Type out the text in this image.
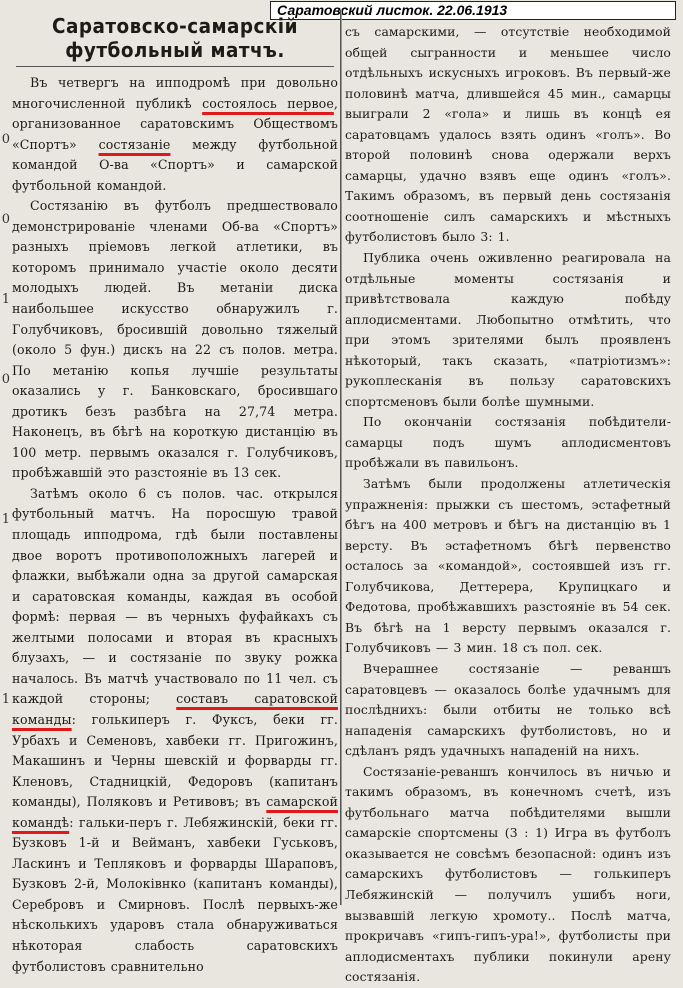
Саратовский листок. 22.06.1913
0
0
1
0
1
1
Саратовско-самарскій футбольный матчъ.

Въ четвергъ на ипподромѣ при довольно многочисленной публикѣ состоялось первое, организованное саратовскимъ Обществомъ «Спортъ» состязаніе между футбольной командой О-ва «Спортъ» и самарской футбольной командой.

Состязанію въ футболъ предшествовало демонстрированіе членами Об-ва «Спортъ» разныхъ пріемовъ легкой атлетики, въ которомъ принимало участіе около десяти молодыхъ людей. Въ метаніи диска наибольшее искусство обнаружилъ г. Голубчиковъ, бросившій довольно тяжелый (около 5 фун.) дискъ на 22 съ полов. метра. По метанію копья лучшіе результаты оказались у г. Банковскаго, бросившаго дротикъ безъ разбѣга на 27,74 метра. Наконецъ, въ бѣгѣ на короткую дистанцію въ 100 метр. первымъ оказался г. Голубчиковъ, пробѣжавшій это разстояніе въ 13 сек.

Затѣмъ около 6 съ полов. час. открылся футбольный матчъ. На поросшую травой площадь ипподрома, гдѣ были поставлены двое воротъ противоположныхъ лагерей и флажки, выбѣжали одна за другой самарская и саратовская команды, каждая въ особой формѣ: первая — въ черныхъ фуфайкахъ съ желтыми полосами и вторая въ красныхъ блузахъ, — и состязаніе по звуку рожка началось. Въ матчѣ участвовало по 11 чел. съ каждой стороны; составъ саратовской команды: голькиперъ г. Фуксъ, беки гг. Урбахъ и Семеновъ, хавбеки гг. Пригожинъ, Макашинъ и Черны шевскій и форварды гг. Кленовъ, Стадницкій, Федоровъ (капитанъ команды), Поляковъ и Ретивовъ; въ самарской командѣ: гальки-перъ г. Лебяжинскій, беки гг. Бузковъ 1-й и Вейманъ, хавбеки Гуськовъ, Ласкинъ и Тепляковъ и форварды Шараповъ, Бузковъ 2-й, Молоківнко (капитанъ команды), Серебровъ и Смирновъ. Послѣ первыхъ-же нѣсколькихъ ударовъ стала обнаруживаться нѣкоторая слабость саратовскихъ футболистовъ сравнительно

съ самарскими, — отсутствіе необходимой общей сыгранности и меньшее число отдѣльныхъ искусныхъ игроковъ. Въ первый-же половинѣ матча, длившейся 45 мин., самарцы выиграли 2 «гола» и лишь въ концѣ ея саратовцамъ удалось взять одинъ «голъ». Во второй половинѣ снова одержали верхъ самарцы, удачно взявъ еще одинъ «голъ». Такимъ образомъ, въ первый день состязанія соотношеніе силъ самарскихъ и мѣстныхъ футболистовъ было 3: 1.

Публика очень оживленно реагировала на отдѣльные моменты состязанія и привѣтствовала каждую побѣду аплодисментами. Любопытно отмѣтить, что при этомъ зрителями былъ проявленъ нѣкоторый, такъ сказать, «патріотизмъ»: рукоплесканія въ пользу саратовскихъ спортсменовъ были болѣе шумными.

По окончаніи состязанія побѣдители-самарцы подъ шумъ аплодисментовъ пробѣжали въ павильонъ.

Затѣмъ были продолжены атлетическія упражненія: прыжки съ шестомъ, эстафетный бѣгъ на 400 метровъ и бѣгъ на дистанцію въ 1 версту. Въ эстафетномъ бѣгѣ первенство осталось за «командой», состоявшей изъ гг. Голубчикова, Деттерера, Крупицкаго и Федотова, пробѣжавшихъ разстояніе въ 54 сек. Въ бѣгѣ на 1 версту первымъ оказался г. Голубчиковъ — 3 мин. 18 съ пол. сек.

Вчерашнее состязаніе — реваншъ саратовцевъ — оказалось болѣе удачнымъ для послѣднихъ: были отбиты не только всѣ нападенія самарскихъ футболистовъ, но и сдѣланъ рядъ удачныхъ нападеній на нихъ.

Состязаніе-реваншъ кончилось въ ничью и такимъ образомъ, въ конечномъ счетѣ, изъ футбольнаго матча побѣдителями вышли самарскіе спортсмены (3 : 1) Игра въ футболъ оказывается не совсѣмъ безопасной: одинъ изъ самарскихъ футболистовъ — голькиперъ Лебяжинскій — получилъ ушибъ ноги, вызвавшій легкую хромоту.. Послѣ матча, прокричавъ «гипъ-гипъ-ура!», футболисты при аплодисментахъ публики покинули арену состязанія.
